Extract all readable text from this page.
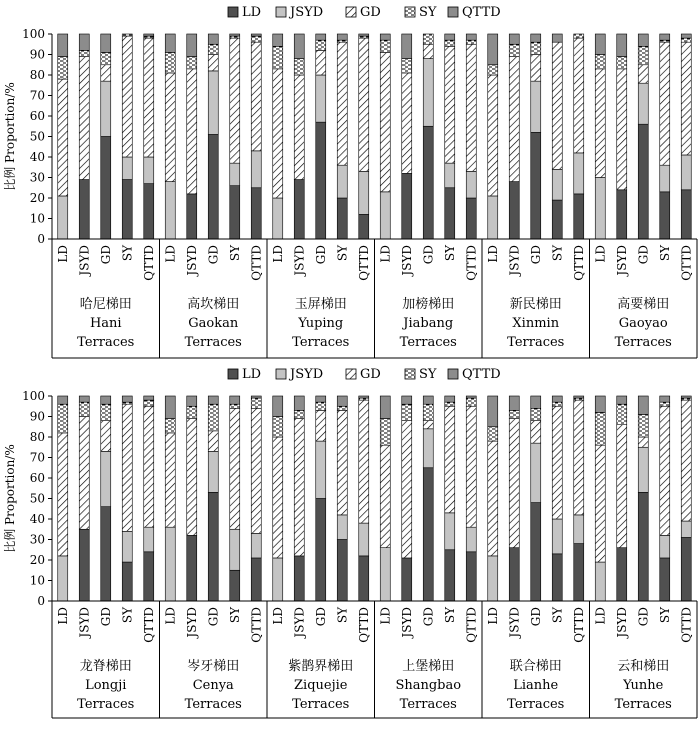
LD JSYD	GD	SY QTTD
0
10
20
30
40
50
60
70
80
90
100
比例 Proportion/%
LD JSYD GD SY QTTD
哈尼梯田
Hani
Terraces
LD JSYD GD SY QTTD
高坎梯田
Gaokan
Terraces
LD JSYD GD SY QTTD
玉屏梯田
Yuping
Terraces
LD JSYD GD SY QTTD
加榜梯田
Jiabang
Terraces
LD JSYD GD SY QTTD
新民梯田
Xinmin
Terraces
LD JSYD GD SY QTTD
高要梯田
Gaoyao
Terraces
LD JSYD	GD	SY QTTD
0
10
20
30
40
50
60
70
80
90
100
比例 Proportion/%
LD JSYD GD SY QTTD
龙脊梯田
Longji
Terraces
LD JSYD GD SY QTTD
岑牙梯田
Cenya
Terraces
LD JSYD GD SY QTTD
紫鹊界梯田
Ziquejie
Terraces
LD JSYD GD SY QTTD
上堡梯田
Shangbao
Terraces
LD JSYD GD SY QTTD
联合梯田
Lianhe
Terraces
LD JSYD GD SY QTTD
云和梯田
Yunhe
Terraces
